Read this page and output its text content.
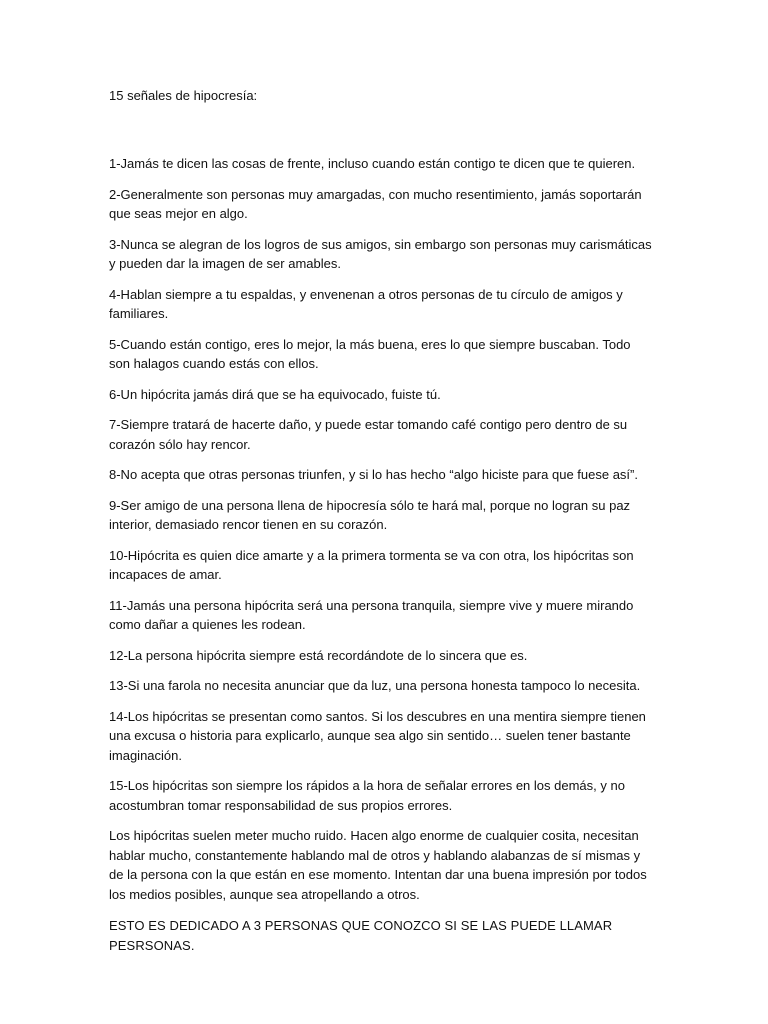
15 señales de hipocresía:

1-Jamás te dicen las cosas de frente, incluso cuando están contigo te dicen que te quieren.

2-Generalmente son personas muy amargadas, con mucho resentimiento, jamás soportarán que seas mejor en algo.

3-Nunca se alegran de los logros de sus amigos, sin embargo son personas muy carismáticas y pueden dar la imagen de ser amables.

4-Hablan siempre a tu espaldas, y envenenan a otros personas de tu círculo de amigos y familiares.

5-Cuando están contigo, eres lo mejor, la más buena, eres lo que siempre buscaban. Todo son halagos cuando estás con ellos.

6-Un hipócrita jamás dirá que se ha equivocado, fuiste tú.

7-Siempre tratará de hacerte daño, y puede estar tomando café contigo pero dentro de su corazón sólo hay rencor.

8-No acepta que otras personas triunfen, y si lo has hecho “algo hiciste para que fuese así”.

9-Ser amigo de una persona llena de hipocresía sólo te hará mal, porque no logran su paz interior, demasiado rencor tienen en su corazón.

10-Hipócrita es quien dice amarte y a la primera tormenta se va con otra, los hipócritas son incapaces de amar.

11-Jamás una persona hipócrita será una persona tranquila, siempre vive y muere mirando como dañar a quienes les rodean.

12-La persona hipócrita siempre está recordándote de lo sincera que es.

13-Si una farola no necesita anunciar que da luz, una persona honesta tampoco lo necesita.

14-Los hipócritas se presentan como santos. Si los descubres en una mentira siempre tienen una excusa o historia para explicarlo, aunque sea algo sin sentido… suelen tener bastante imaginación.

15-Los hipócritas son siempre los rápidos a la hora de señalar errores en los demás, y no acostumbran tomar responsabilidad de sus propios errores.

Los hipócritas suelen meter mucho ruido. Hacen algo enorme de cualquier cosita, necesitan hablar mucho, constantemente hablando mal de otros y hablando alabanzas de sí mismas y de la persona con la que están en ese momento. Intentan dar una buena impresión por todos los medios posibles, aunque sea atropellando a otros.

ESTO ES DEDICADO A 3 PERSONAS QUE CONOZCO SI SE LAS PUEDE LLAMAR PESRSONAS.
